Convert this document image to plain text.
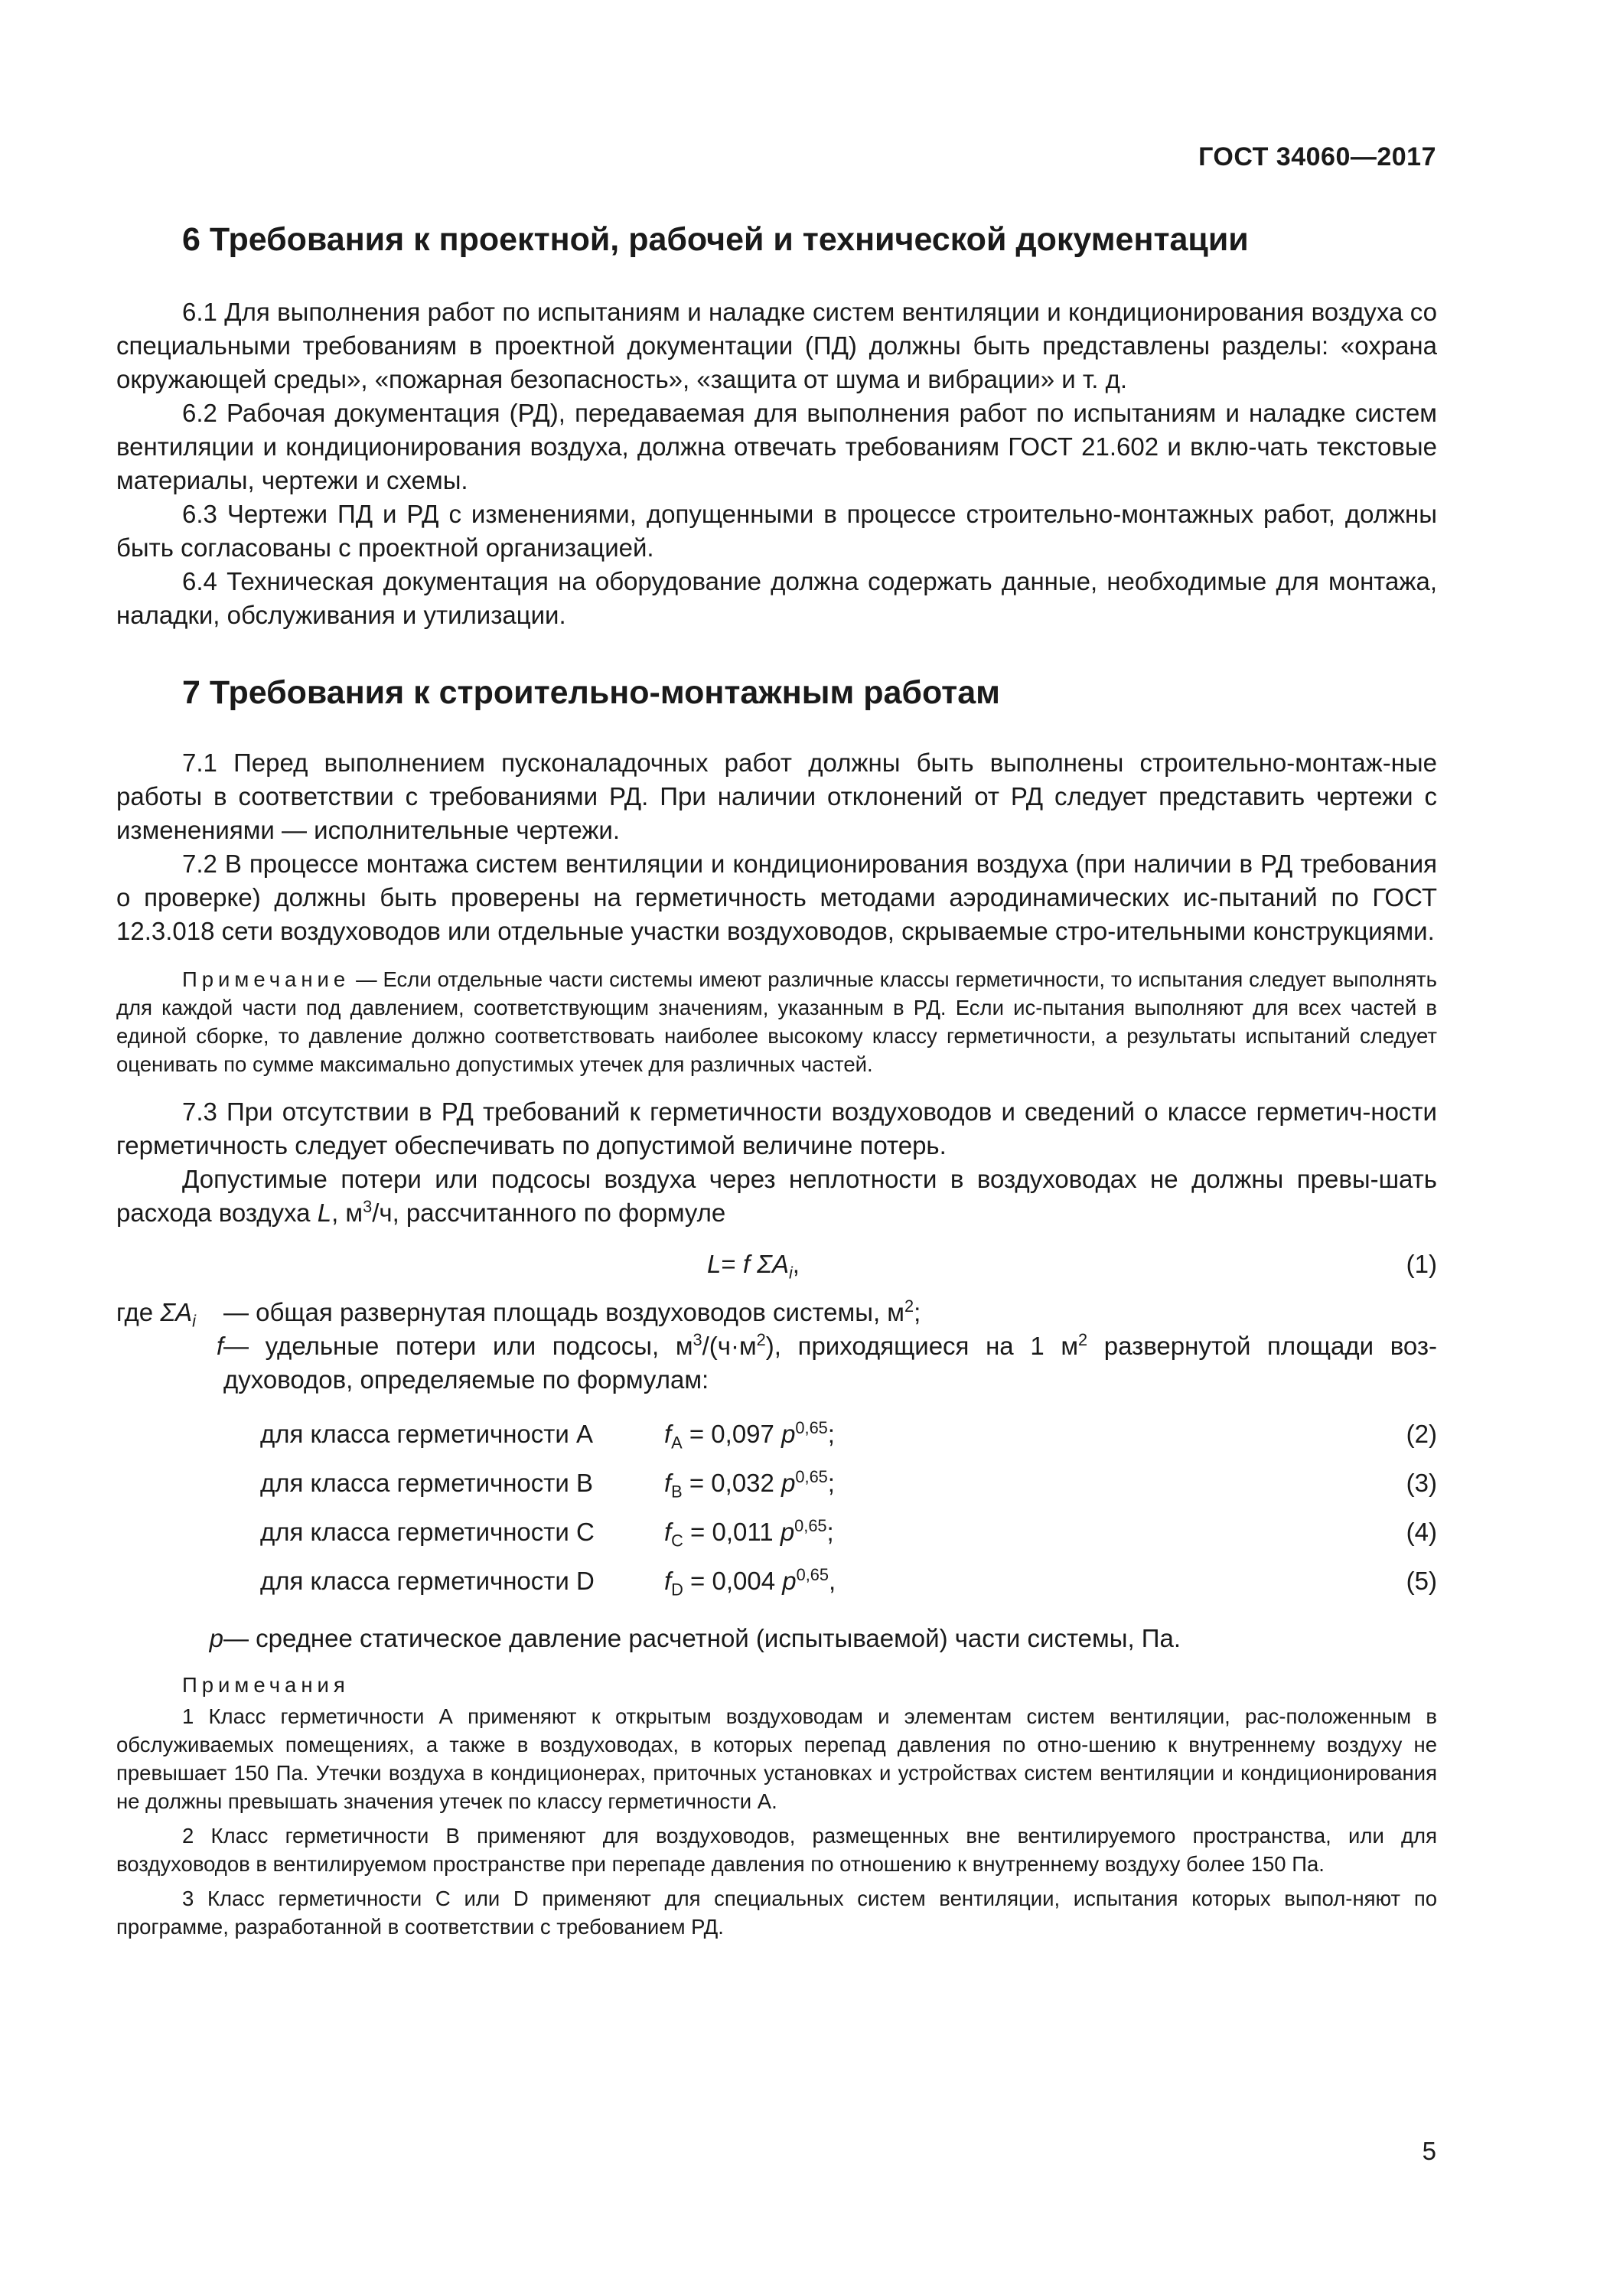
ГОСТ 34060—2017
6 Требования к проектной, рабочей и технической документации

6.1 Для выполнения работ по испытаниям и наладке систем вентиляции и кондиционирования воздуха со специальными требованиям в проектной документации (ПД) должны быть представлены разделы: «охрана окружающей среды», «пожарная безопасность», «защита от шума и вибрации» и т. д.

6.2 Рабочая документация (РД), передаваемая для выполнения работ по испытаниям и наладке систем вентиляции и кондиционирования воздуха, должна отвечать требованиям ГОСТ 21.602 и вклю-чать текстовые материалы, чертежи и схемы.

6.3 Чертежи ПД и РД с изменениями, допущенными в процессе строительно-монтажных работ, должны быть согласованы с проектной организацией.

6.4 Техническая документация на оборудование должна содержать данные, необходимые для монтажа, наладки, обслуживания и утилизации.

7 Требования к строительно-монтажным работам

7.1 Перед выполнением пусконаладочных работ должны быть выполнены строительно-монтаж-ные работы в соответствии с требованиями РД. При наличии отклонений от РД следует представить чертежи с изменениями — исполнительные чертежи.

7.2 В процессе монтажа систем вентиляции и кондиционирования воздуха (при наличии в РД требования о проверке) должны быть проверены на герметичность методами аэродинамических ис-пытаний по ГОСТ 12.3.018 сети воздуховодов или отдельные участки воздуховодов, скрываемые стро-ительными конструкциями.

Примечание — Если отдельные части системы имеют различные классы герметичности, то испытания следует выполнять для каждой части под давлением, соответствующим значениям, указанным в РД. Если ис-пытания выполняют для всех частей в единой сборке, то давление должно соответствовать наиболее высокому классу герметичности, а результаты испытаний следует оценивать по сумме максимально допустимых утечек для различных частей.

7.3 При отсутствии в РД требований к герметичности воздуховодов и сведений о классе герметич-ности герметичность следует обеспечивать по допустимой величине потерь.

Допустимые потери или подсосы воздуха через неплотности в воздуховодах не должны превы-шать расхода воздуха L, $м^3/ч$, рассчитанного по формуле

L= f $\Sigma A_i$,	(1)
где $\Sigma A_i$	— общая развернутая площадь воздуховодов системы, $м^2$;
f — удельные потери или подсосы, $м^3/(ч\cdot м^2)$, приходящиеся на 1 $м^2$ развернутой площади воз-духоводов, определяемые по формулам:
для класса герметичности А	$f_A = 0,097$ $p^{0,65}$;	(2)
для класса герметичности В	$f_B = 0,032$ $p^{0,65}$;	(3)
для класса герметичности С	$f_C = 0,011$ $p^{0,65}$;	(4)
для класса герметичности D	$f_D = 0,004$ $p^{0,65}$,	(5)
p — среднее статическое давление расчетной (испытываемой) части системы, Па.
Примечания
1 Класс герметичности А применяют к открытым воздуховодам и элементам систем вентиляции, рас-положенным в обслуживаемых помещениях, а также в воздуховодах, в которых перепад давления по отно-шению к внутреннему воздуху не превышает 150 Па. Утечки воздуха в кондиционерах, приточных установках и устройствах систем вентиляции и кондиционирования не должны превышать значения утечек по классу герметичности А.
2 Класс герметичности В применяют для воздуховодов, размещенных вне вентилируемого пространства, или для воздуховодов в вентилируемом пространстве при перепаде давления по отношению к внутреннему воздуху более 150 Па.
3 Класс герметичности С или D применяют для специальных систем вентиляции, испытания которых выпол-няют по программе, разработанной в соответствии с требованием РД.
5
